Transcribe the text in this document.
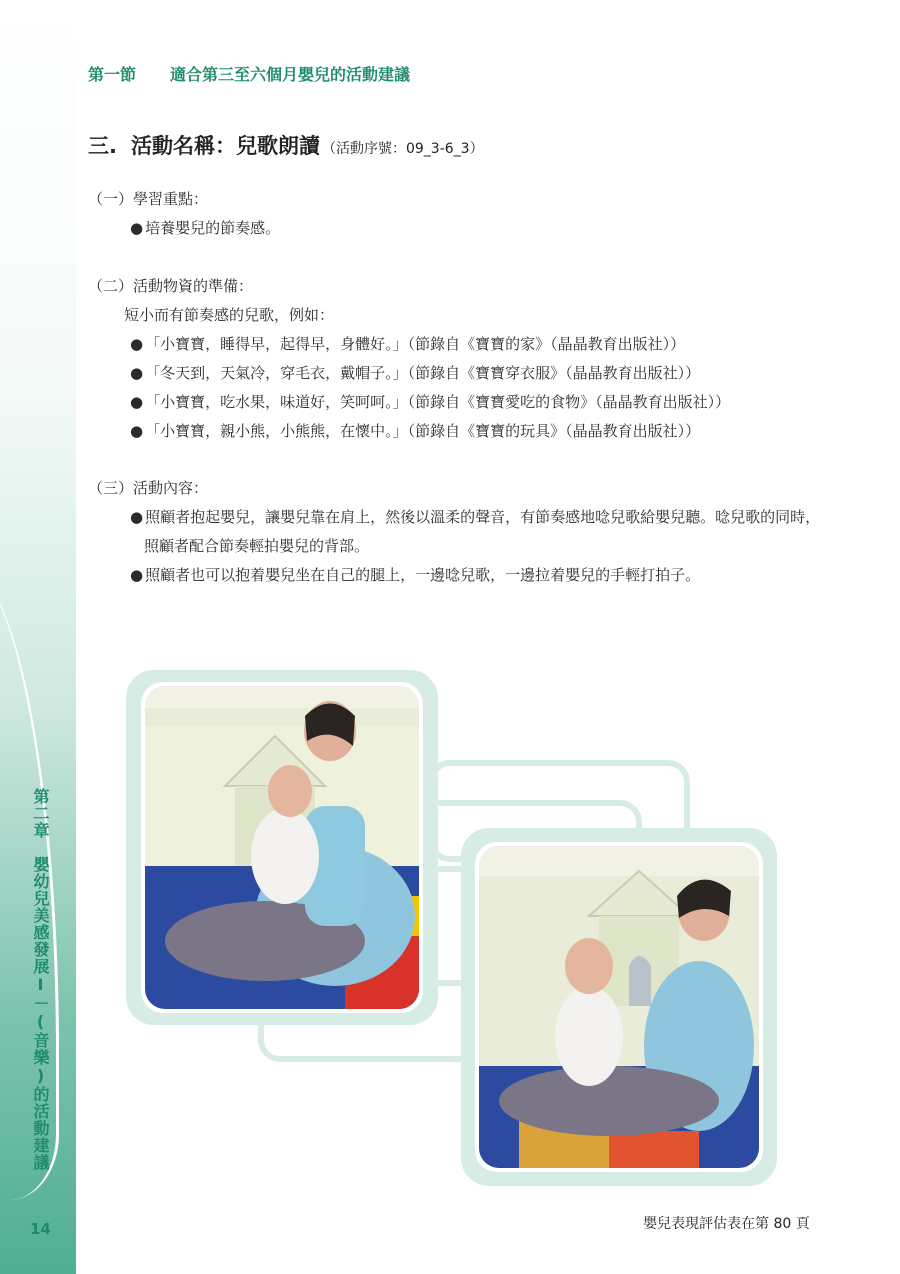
第二章　嬰幼兒美感發展I－(音樂)的活動建議
14
第一節 適合第三至六個月嬰兒的活動建議
三. 活動名稱：兒歌朗讀 （活動序號：09_3-6_3）
（一）學習重點：
● 培養嬰兒的節奏感。
（二）活動物資的準備：
短小而有節奏感的兒歌，例如：
● 「小寶寶，睡得早，起得早，身體好。」（節錄自《寶寶的家》（晶晶教育出版社））
● 「冬天到，天氣冷，穿毛衣，戴帽子。」（節錄自《寶寶穿衣服》（晶晶教育出版社））
● 「小寶寶，吃水果，味道好，笑呵呵。」（節錄自《寶寶愛吃的食物》（晶晶教育出版社））
● 「小寶寶，親小熊，小熊熊，在懷中。」（節錄自《寶寶的玩具》（晶晶教育出版社））
（三）活動內容：
● 照顧者抱起嬰兒，讓嬰兒靠在肩上，然後以溫柔的聲音，有節奏感地唸兒歌給嬰兒聽。唸兒歌的同時，照顧者配合節奏輕拍嬰兒的背部。
● 照顧者也可以抱着嬰兒坐在自己的腿上，一邊唸兒歌，一邊拉着嬰兒的手輕打拍子。
嬰兒表現評估表在第 80 頁
